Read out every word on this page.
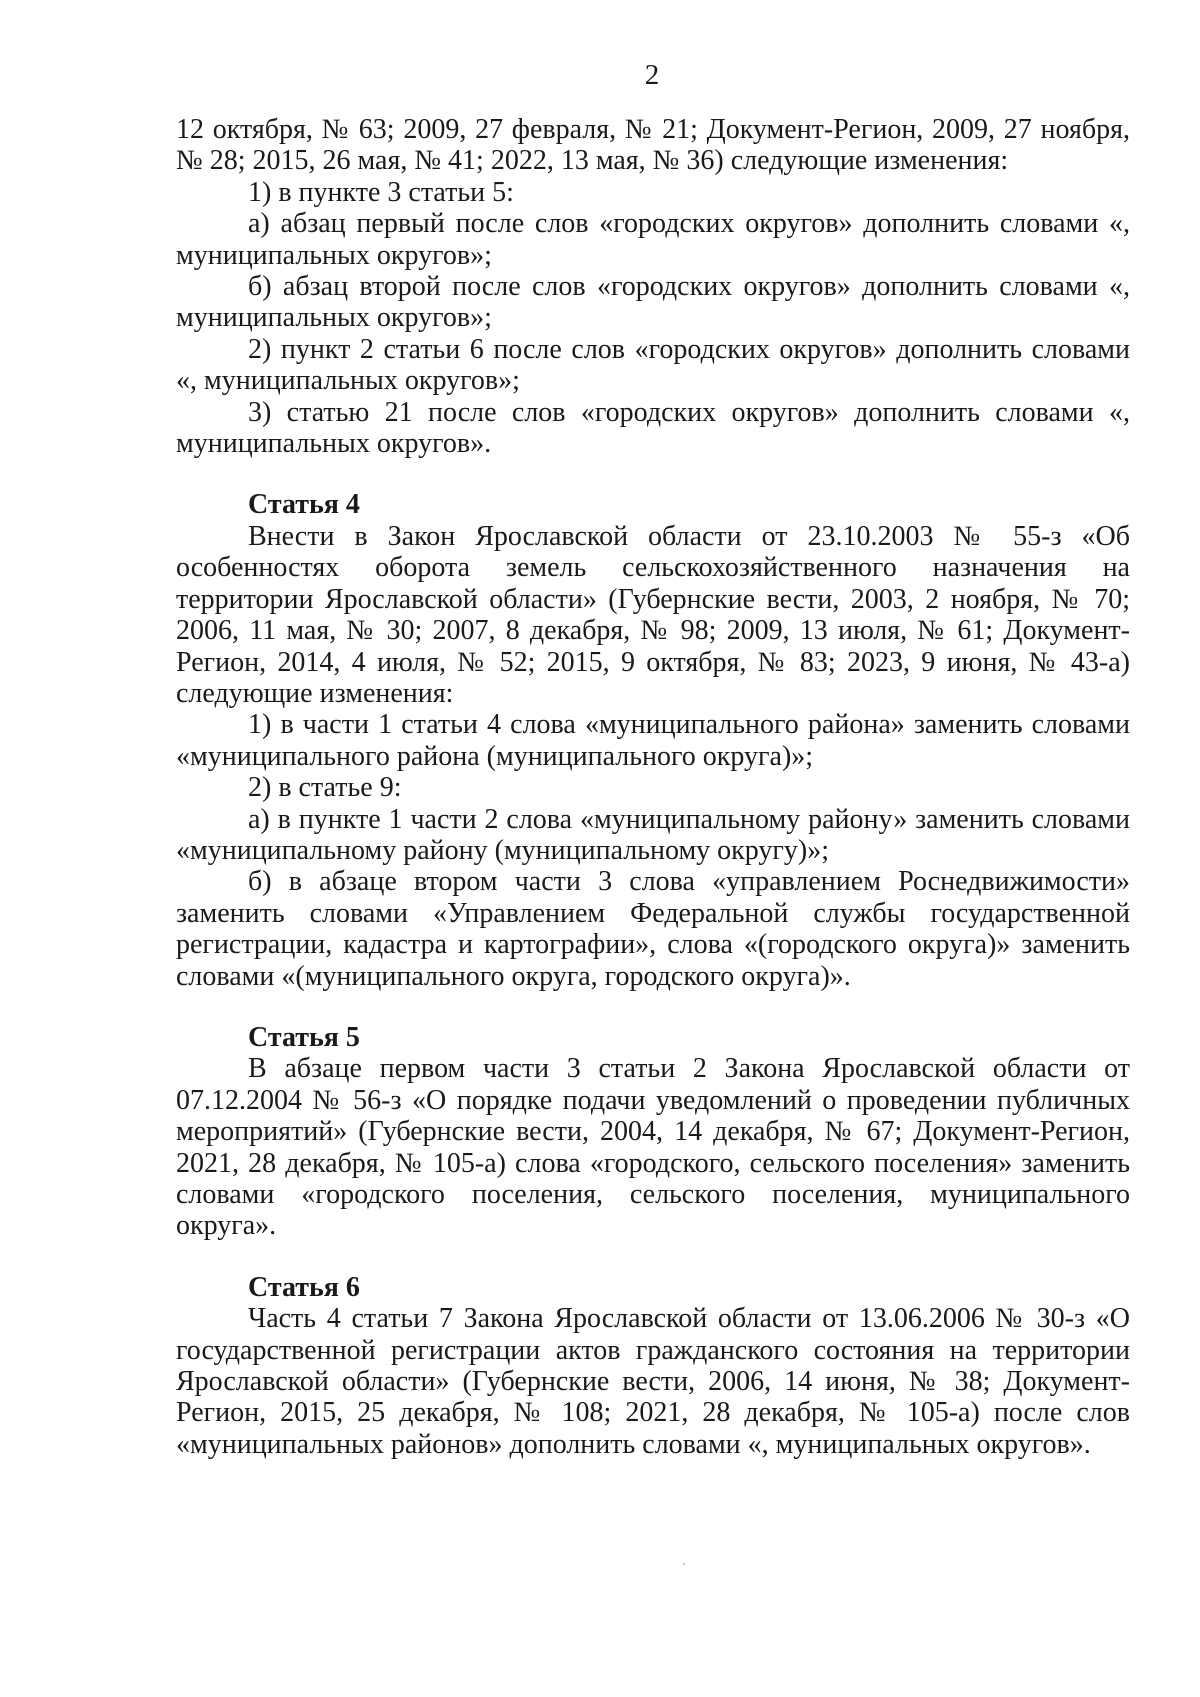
2

12 октября, № 63; 2009, 27 февраля, № 21; Документ-Регион, 2009, 27 ноября, № 28; 2015, 26 мая, № 41; 2022, 13 мая, № 36) следующие изменения:

1) в пункте 3 статьи 5:

а) абзац первый после слов «городских округов» дополнить словами «, муниципальных округов»;

б) абзац второй после слов «городских округов» дополнить словами «, муниципальных округов»;

2) пункт 2 статьи 6 после слов «городских округов» дополнить словами «, муниципальных округов»;

3) статью 21 после слов «городских округов» дополнить словами «, муниципальных округов».

Статья 4

Внести в Закон Ярославской области от 23.10.2003 № 55-з «Об особенностях оборота земель сельскохозяйственного назначения на территории Ярославской области» (Губернские вести, 2003, 2 ноября, № 70; 2006, 11 мая, № 30; 2007, 8 декабря, № 98; 2009, 13 июля, № 61; Документ-Регион, 2014, 4 июля, № 52; 2015, 9 октября, № 83; 2023, 9 июня, № 43-а) следующие изменения:

1) в части 1 статьи 4 слова «муниципального района» заменить словами «муниципального района (муниципального округа)»;

2) в статье 9:

а) в пункте 1 части 2 слова «муниципальному району» заменить словами «муниципальному району (муниципальному округу)»;

б) в абзаце втором части 3 слова «управлением Роснедвижимости» заменить словами «Управлением Федеральной службы государственной регистрации, кадастра и картографии», слова «(городского округа)» заменить словами «(муниципального округа, городского округа)».

Статья 5

В абзаце первом части 3 статьи 2 Закона Ярославской области от 07.12.2004 № 56-з «О порядке подачи уведомлений о проведении публичных мероприятий» (Губернские вести, 2004, 14 декабря, № 67; Документ-Регион, 2021, 28 декабря, № 105-а) слова «городского, сельского поселения» заменить словами «городского поселения, сельского поселения, муниципального округа».

Статья 6

Часть 4 статьи 7 Закона Ярославской области от 13.06.2006 № 30-з «О государственной регистрации актов гражданского состояния на территории Ярославской области» (Губернские вести, 2006, 14 июня, № 38; Документ-Регион, 2015, 25 декабря, № 108; 2021, 28 декабря, № 105-а) после слов «муниципальных районов» дополнить словами «, муниципальных округов».
